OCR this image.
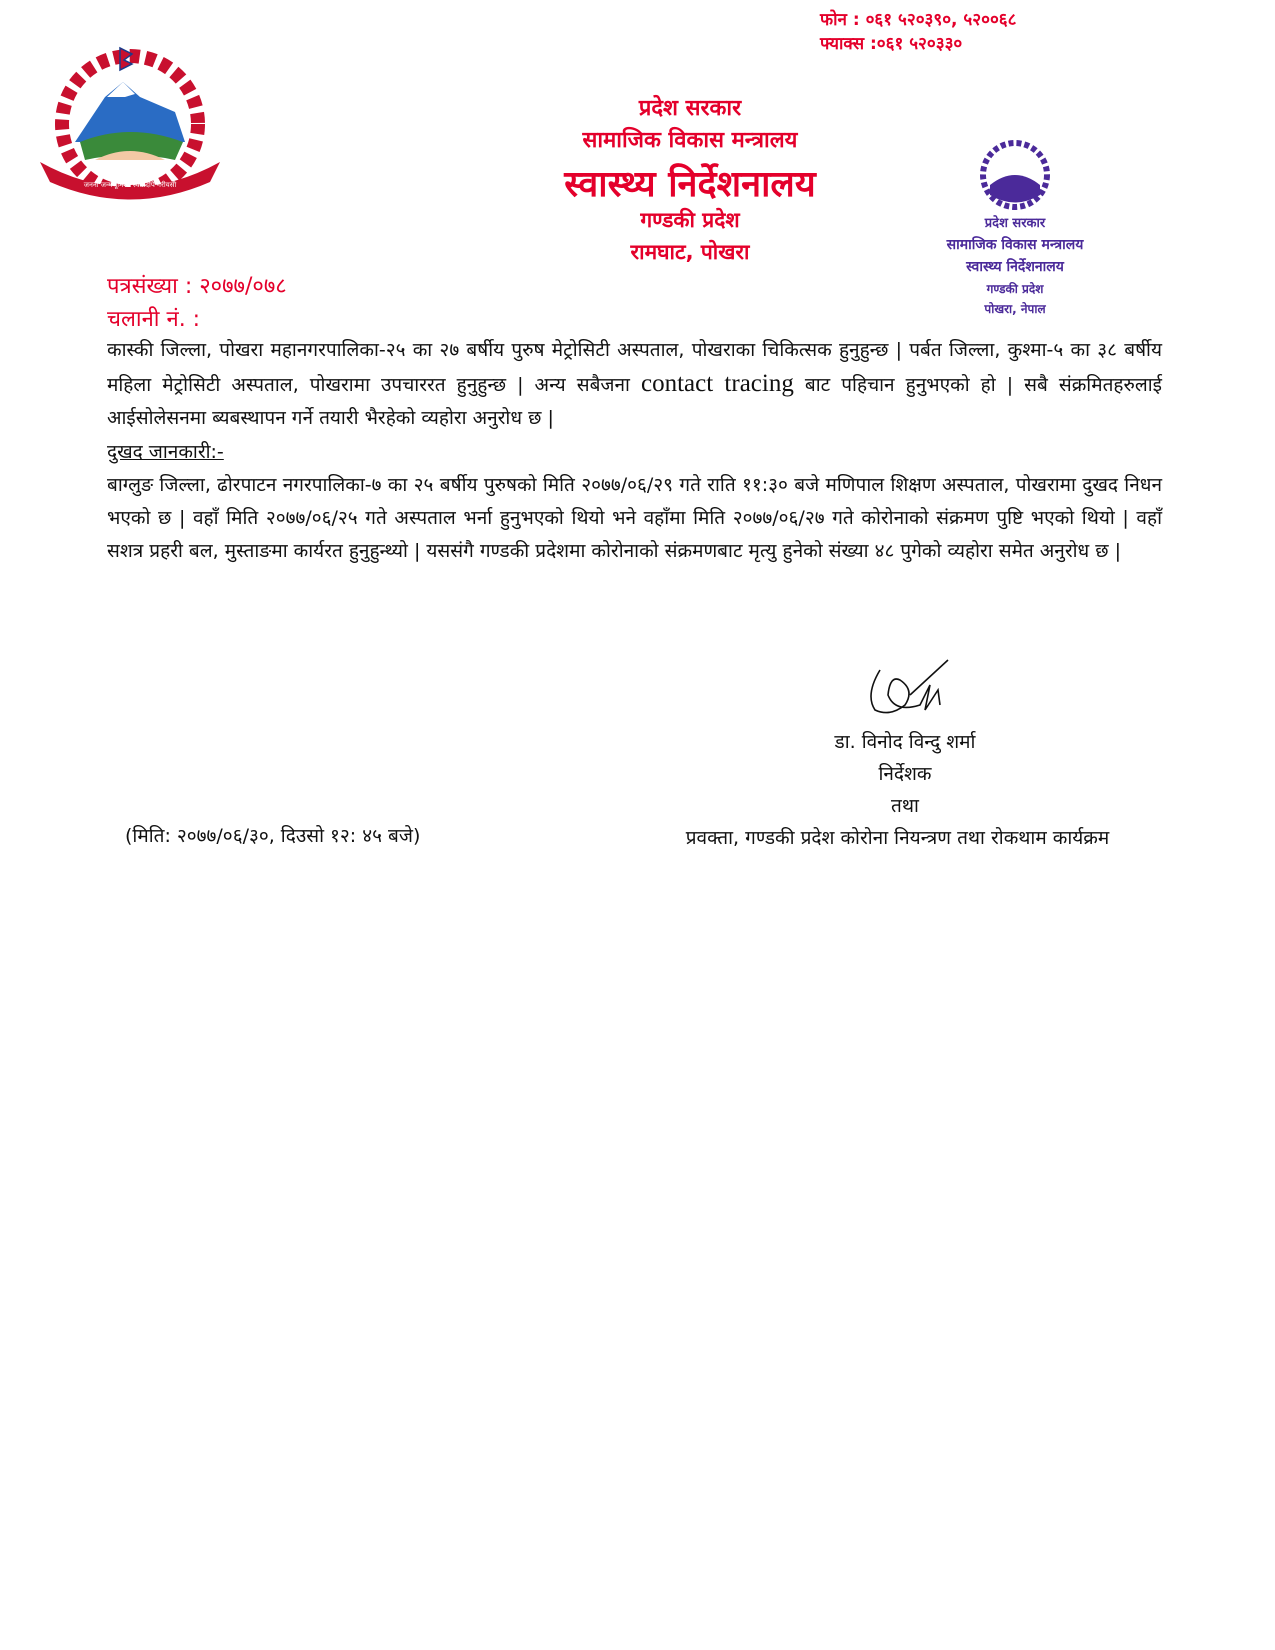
जननी जन्मभूमिश्च स्वर्गादपि गरीयसी
फोन : ०६१ ५२०३९०, ५२००६८
फ्याक्स :०६१ ५२०३३०
प्रदेश सरकार
सामाजिक विकास मन्त्रालय
स्वास्थ्य निर्देशनालय
गण्डकी प्रदेश
रामघाट, पोखरा
प्रदेश सरकार
सामाजिक विकास मन्त्रालय
स्वास्थ्य निर्देशनालय
गण्डकी प्रदेश
पोखरा, नेपाल
पत्रसंख्या : २०७७/०७८
चलानी नं. :
कास्की जिल्ला, पोखरा महानगरपालिका-२५ का २७ बर्षीय पुरुष मेट्रोसिटी अस्पताल, पोखराका चिकित्सक हुनुहुन्छ | पर्बत जिल्ला, कुश्मा-५ का ३८ बर्षीय महिला मेट्रोसिटी अस्पताल, पोखरामा उपचाररत हुनुहुन्छ | अन्य सबैजना contact tracing बाट पहिचान हुनुभएको हो | सबै संक्रमितहरुलाई आईसोलेसनमा ब्यबस्थापन गर्ने तयारी भैरहेको व्यहोरा अनुरोध छ |
दुखद जानकारी:-
बाग्लुङ जिल्ला, ढोरपाटन नगरपालिका-७ का २५ बर्षीय पुरुषको मिति २०७७/०६/२९ गते राति ११:३० बजे मणिपाल शिक्षण अस्पताल, पोखरामा दुखद निधन भएको छ | वहाँ मिति २०७७/०६/२५ गते अस्पताल भर्ना हुनुभएको थियो भने वहाँमा मिति २०७७/०६/२७ गते कोरोनाको संक्रमण पुष्टि भएको थियो | वहाँ सशत्र प्रहरी बल, मुस्ताङमा कार्यरत हुनुहुन्थ्यो | यससंगै गण्डकी प्रदेशमा कोरोनाको संक्रमणबाट मृत्यु हुनेको संख्या ४८ पुगेको व्यहोरा समेत अनुरोध छ |
डा. विनोद विन्दु शर्मा
निर्देशक
तथा
प्रवक्ता, गण्डकी प्रदेश कोरोना नियन्त्रण तथा रोकथाम कार्यक्रम
(मिति: २०७७/०६/३०, दिउसो १२: ४५ बजे)
